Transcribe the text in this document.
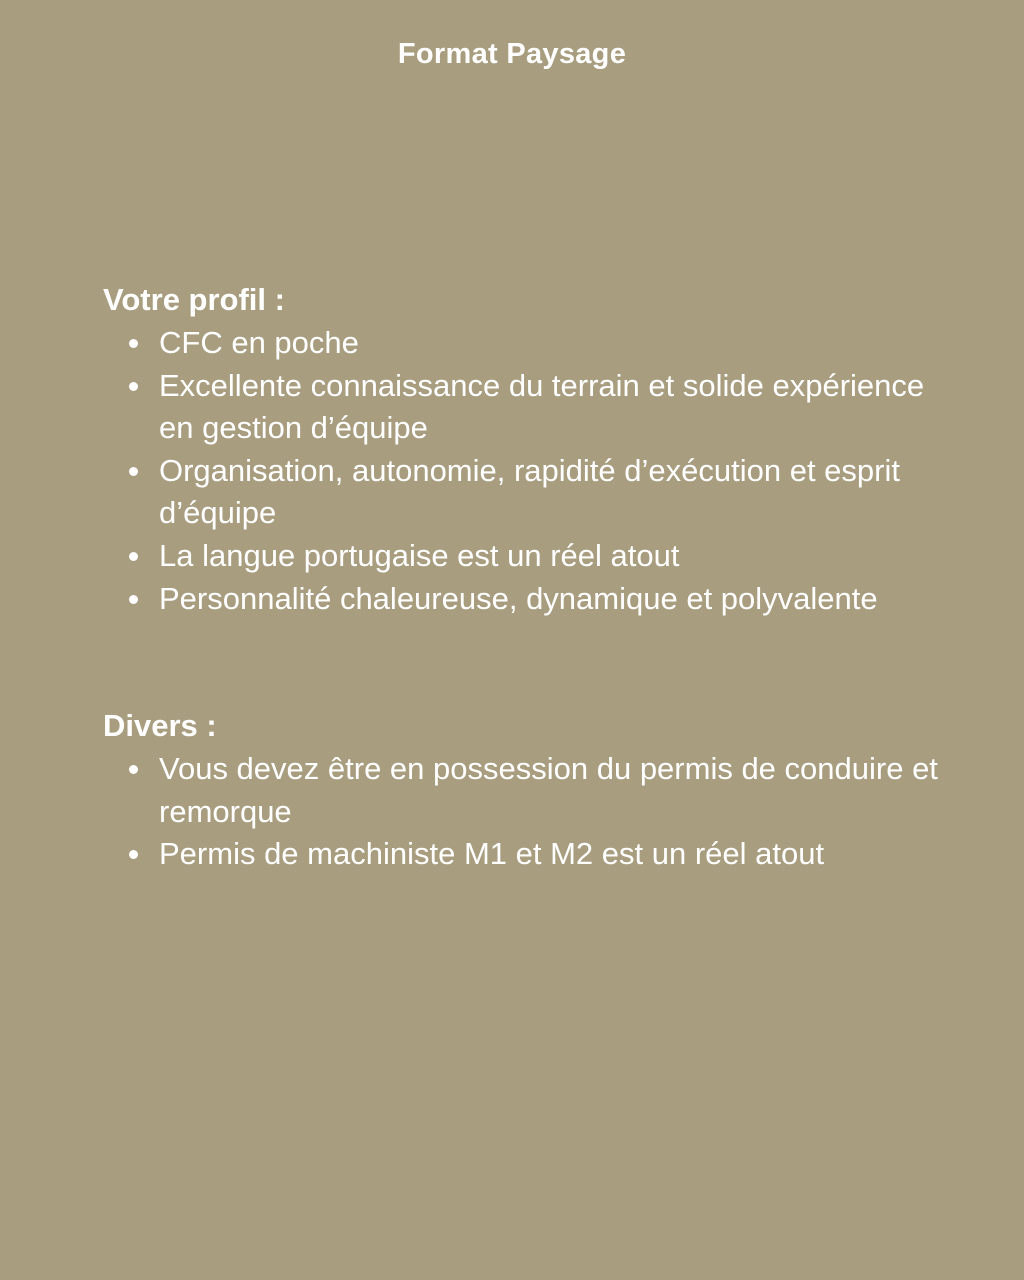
Format Paysage
Votre profil :
CFC en poche
Excellente connaissance du terrain et solide expérience en gestion d’équipe
Organisation, autonomie, rapidité d’exécution et esprit d’équipe
La langue portugaise est un réel atout
Personnalité chaleureuse, dynamique et polyvalente
Divers :
Vous devez être en possession du permis de conduire et remorque
Permis de machiniste M1 et M2 est un réel atout
